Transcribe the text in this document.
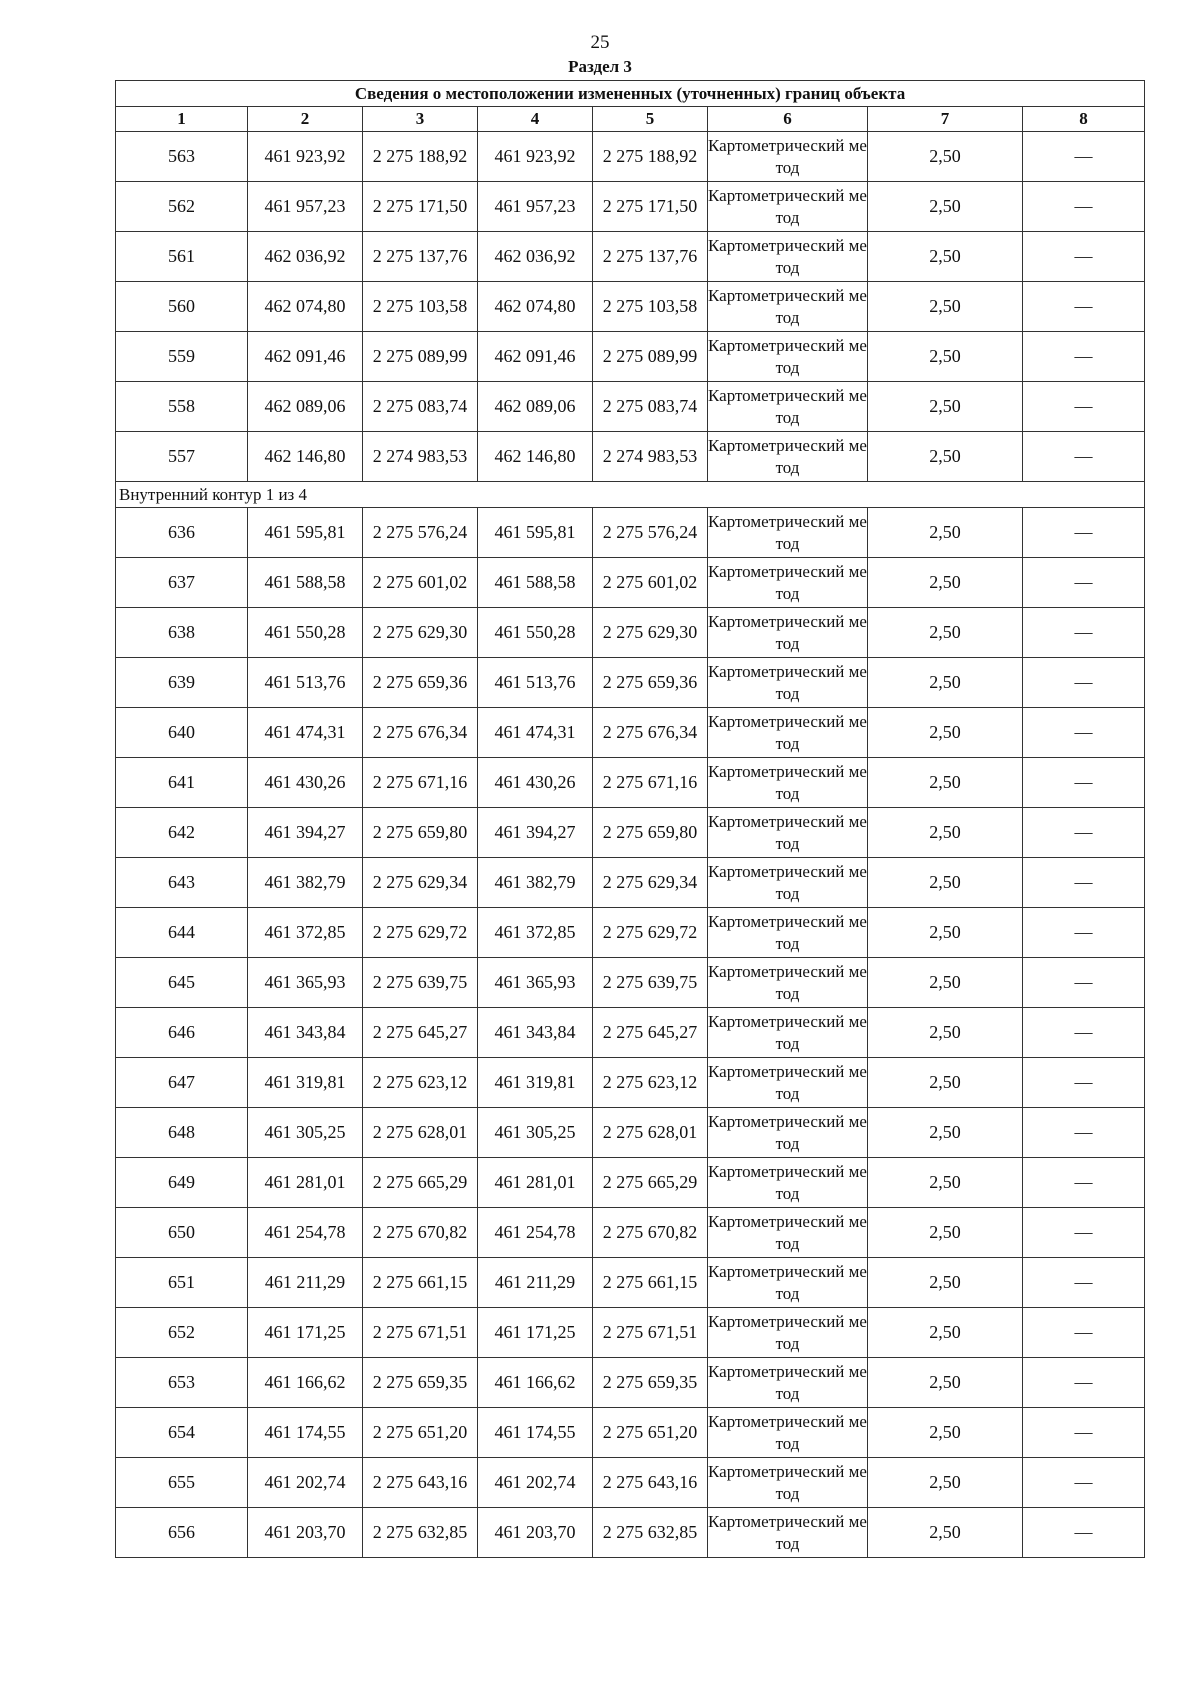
25
Раздел 3
Сведения о местоположении измененных (уточненных) границ объекта							
1	2	3	4	5	6	7	8
563	461 923,92	2 275 188,92	461 923,92	2 275 188,92	Картометрический метод	2,50	—
562	461 957,23	2 275 171,50	461 957,23	2 275 171,50	Картометрический метод	2,50	—
561	462 036,92	2 275 137,76	462 036,92	2 275 137,76	Картометрический метод	2,50	—
560	462 074,80	2 275 103,58	462 074,80	2 275 103,58	Картометрический метод	2,50	—
559	462 091,46	2 275 089,99	462 091,46	2 275 089,99	Картометрический метод	2,50	—
558	462 089,06	2 275 083,74	462 089,06	2 275 083,74	Картометрический метод	2,50	—
557	462 146,80	2 274 983,53	462 146,80	2 274 983,53	Картометрический метод	2,50	—
Внутренний контур 1 из 4							
636	461 595,81	2 275 576,24	461 595,81	2 275 576,24	Картометрический метод	2,50	—
637	461 588,58	2 275 601,02	461 588,58	2 275 601,02	Картометрический метод	2,50	—
638	461 550,28	2 275 629,30	461 550,28	2 275 629,30	Картометрический метод	2,50	—
639	461 513,76	2 275 659,36	461 513,76	2 275 659,36	Картометрический метод	2,50	—
640	461 474,31	2 275 676,34	461 474,31	2 275 676,34	Картометрический метод	2,50	—
641	461 430,26	2 275 671,16	461 430,26	2 275 671,16	Картометрический метод	2,50	—
642	461 394,27	2 275 659,80	461 394,27	2 275 659,80	Картометрический метод	2,50	—
643	461 382,79	2 275 629,34	461 382,79	2 275 629,34	Картометрический метод	2,50	—
644	461 372,85	2 275 629,72	461 372,85	2 275 629,72	Картометрический метод	2,50	—
645	461 365,93	2 275 639,75	461 365,93	2 275 639,75	Картометрический метод	2,50	—
646	461 343,84	2 275 645,27	461 343,84	2 275 645,27	Картометрический метод	2,50	—
647	461 319,81	2 275 623,12	461 319,81	2 275 623,12	Картометрический метод	2,50	—
648	461 305,25	2 275 628,01	461 305,25	2 275 628,01	Картометрический метод	2,50	—
649	461 281,01	2 275 665,29	461 281,01	2 275 665,29	Картометрический метод	2,50	—
650	461 254,78	2 275 670,82	461 254,78	2 275 670,82	Картометрический метод	2,50	—
651	461 211,29	2 275 661,15	461 211,29	2 275 661,15	Картометрический метод	2,50	—
652	461 171,25	2 275 671,51	461 171,25	2 275 671,51	Картометрический метод	2,50	—
653	461 166,62	2 275 659,35	461 166,62	2 275 659,35	Картометрический метод	2,50	—
654	461 174,55	2 275 651,20	461 174,55	2 275 651,20	Картометрический метод	2,50	—
655	461 202,74	2 275 643,16	461 202,74	2 275 643,16	Картометрический метод	2,50	—
656	461 203,70	2 275 632,85	461 203,70	2 275 632,85	Картометрический метод	2,50	—
